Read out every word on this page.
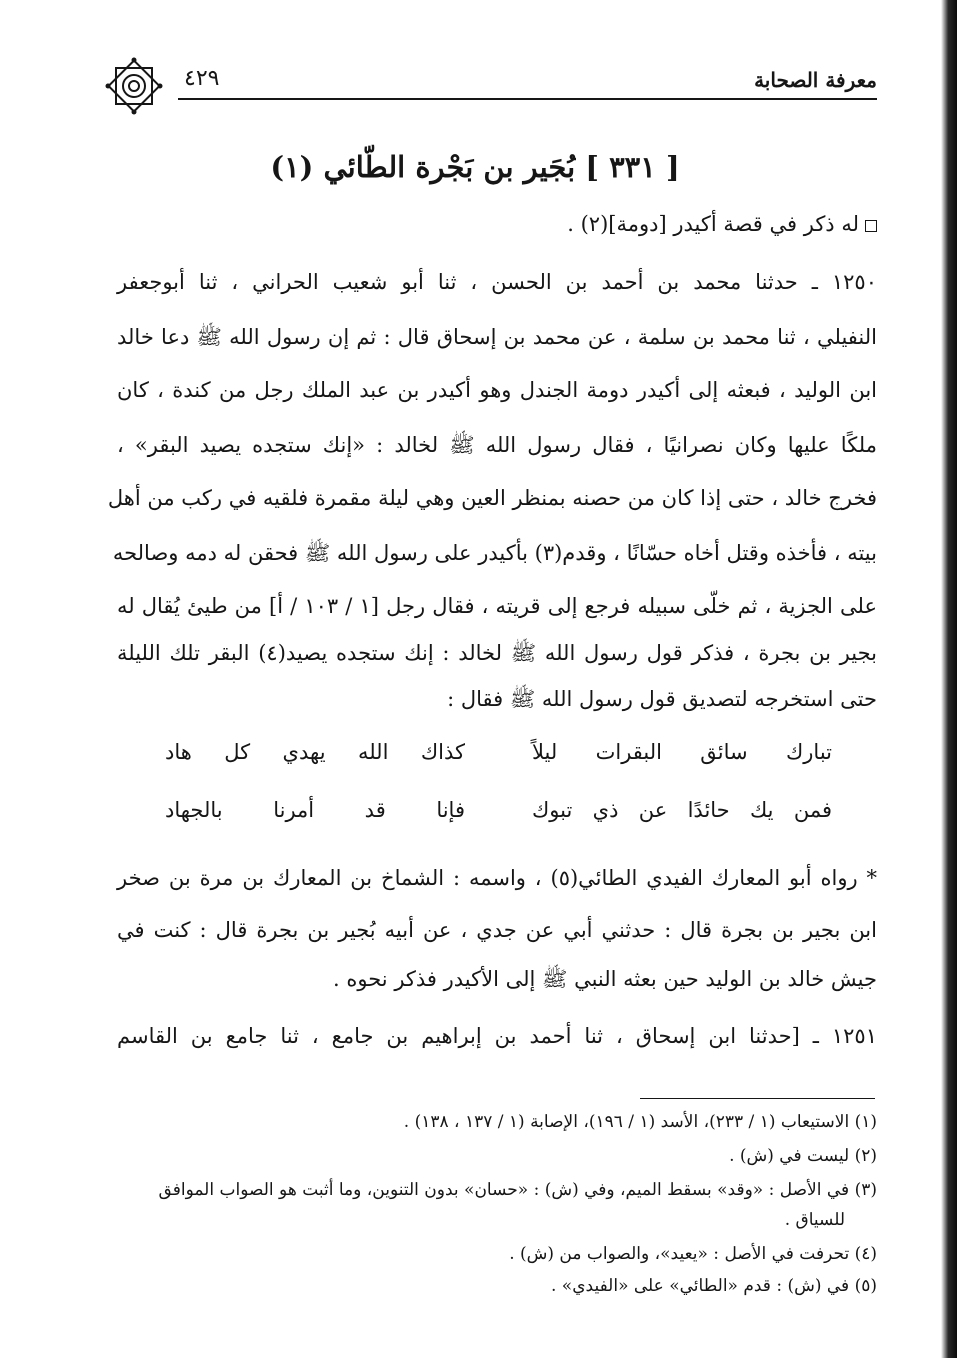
معرفة الصحابة
٤٢٩
[ ٣٣١ ] بُجَير بن بَجْرة الطّائي (١)
له ذكر في قصة أكيدر [دومة](٢) .
١٢٥٠ ـ حدثنا محمد بن أحمد بن الحسن ، ثنا أبو شعيب الحراني ، ثنا أبوجعفر
النفيلي ، ثنا محمد بن سلمة ، عن محمد بن إسحاق قال : ثم إن رسول الله ﷺ دعا خالد
ابن الوليد ، فبعثه إلى أكيدر دومة الجندل وهو أكيدر بن عبد الملك رجل من كندة ، كان
ملكًا عليها وكان نصرانيًا ، فقال رسول الله ﷺ لخالد : «إنك ستجده يصيد البقر» ،
فخرج خالد ، حتى إذا كان من حصنه بمنظر العين وهي ليلة مقمرة فلقيه في ركب من أهل
بيته ، فأخذه وقتل أخاه حسّانًا ، وقدم(٣) بأكيدر على رسول الله ﷺ فحقن له دمه وصالحه
على الجزية ، ثم خلّى سبيله فرجع إلى قريته ، فقال رجل [١ / ١٠٣ / أ] من طيئ يُقال له
بجير بن بجرة ، فذكر قول رسول الله ﷺ لخالد : إنك ستجده يصيد(٤) البقر تلك الليلة
حتى استخرجه لتصديق قول رسول الله ﷺ فقال :
تبارك سائق البقرات ليلاً
كذاك الله يهدي كل هاد
فمن يك حائدًا عن ذي تبوك
فإنا قد أمرنا بالجهاد
* رواه أبو المعارك الفيدي الطائي(٥) ، واسمه : الشماخ بن المعارك بن مرة بن صخر
ابن بجير بن بجرة قال : حدثني أبي عن جدي ، عن أبيه بُجير بن بجرة قال : كنت في
جيش خالد بن الوليد حين بعثه النبي ﷺ إلى الأكيدر فذكر نحوه .
١٢٥١ ـ [حدثنا ابن إسحاق ، ثنا أحمد بن إبراهيم بن جامع ، ثنا جامع بن القاسم
(١) الاستيعاب (١ / ٢٣٣)، الأسد (١ / ١٩٦)، الإصابة (١ / ١٣٧ ، ١٣٨) .
(٢) ليست في (ش) .
(٣) في الأصل : «وقد» بسقط الميم، وفي (ش) : «حسان» بدون التنوين، وما أثبت هو الصواب الموافق
للسياق .
(٤) تحرفت في الأصل : «يعيد»، والصواب من (ش) .
(٥) في (ش) : قدم «الطائي» على «الفيدي» .
